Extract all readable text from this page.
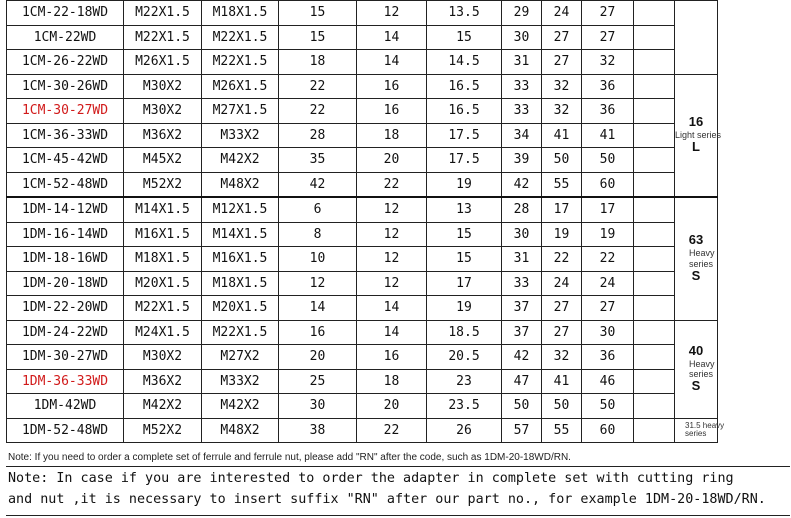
1CM-22-18WD	M22X1.5	M18X1.5	15	12	13.5	29	24	27		
1CM-22WD	M22X1.5	M22X1.5	15	14	15	30	27	27		
1CM-26-22WD	M26X1.5	M22X1.5	18	14	14.5	31	27	32		
1CM-30-26WD	M30X2	M26X1.5	22	16	16.5	33	32	36		16
Light series
L

1CM-30-27WD	M30X2	M27X1.5	22	16	16.5	33	32	36		
1CM-36-33WD	M36X2	M33X2	28	18	17.5	34	41	41		
1CM-45-42WD	M45X2	M42X2	35	20	17.5	39	50	50		
1CM-52-48WD	M52X2	M48X2	42	22	19	42	55	60		
1DM-14-12WD	M14X1.5	M12X1.5	6	12	13	28	17	17		63
Heavy
series
S

1DM-16-14WD	M16X1.5	M14X1.5	8	12	15	30	19	19		
1DM-18-16WD	M18X1.5	M16X1.5	10	12	15	31	22	22		
1DM-20-18WD	M20X1.5	M18X1.5	12	12	17	33	24	24		
1DM-22-20WD	M22X1.5	M20X1.5	14	14	19	37	27	27		
1DM-24-22WD	M24X1.5	M22X1.5	16	14	18.5	37	27	30		40
Heavy
series
S

1DM-30-27WD	M30X2	M27X2	20	16	20.5	42	32	36		
1DM-36-33WD	M36X2	M33X2	25	18	23	47	41	46		
1DM-42WD	M42X2	M42X2	30	20	23.5	50	50	50		
1DM-52-48WD	M52X2	M48X2	38	22	26	57	55	60		31.5 heavy
series
Note: If you need to order a complete set of ferrule and ferrule nut, please add "RN" after the code, such as 1DM-20-18WD/RN.
Note: In case if you are interested to order the adapter in complete set with cutting ring
and nut ,it is necessary to insert suffix "RN" after our part no., for example 1DM-20-18WD/RN.
